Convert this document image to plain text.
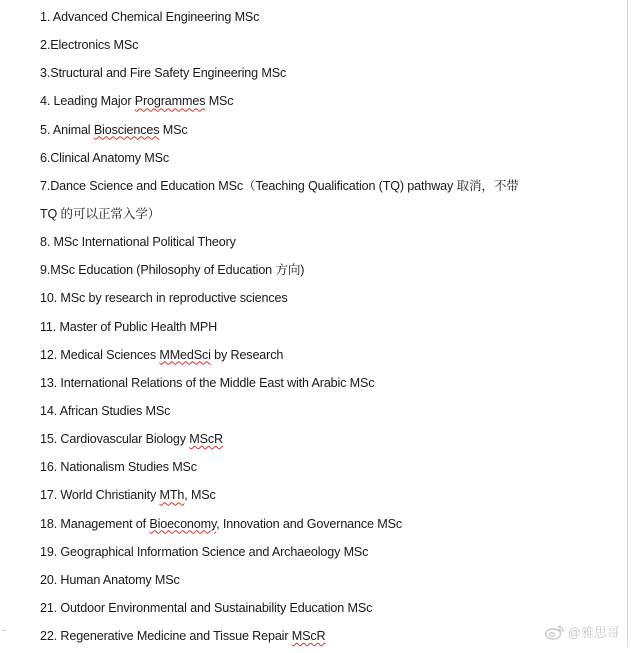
1. Advanced Chemical Engineering MSc
2.Electronics MSc
3.Structural and Fire Safety Engineering MSc
4. Leading Major Programmes MSc
5. Animal Biosciences MSc
6.Clinical Anatomy MSc
7.Dance Science and Education MSc（Teaching Qualification (TQ) pathway 取消，不带
TQ 的可以正常入学）
8. MSc International Political Theory
9.MSc Education (Philosophy of Education 方向)
10. MSc by research in reproductive sciences
11. Master of Public Health MPH
12. Medical Sciences MMedSci by Research
13. International Relations of the Middle East with Arabic MSc
14. African Studies MSc
15. Cardiovascular Biology MScR
16. Nationalism Studies MSc
17. World Christianity MTh, MSc
18. Management of Bioeconomy, Innovation and Governance MSc
19. Geographical Information Science and Archaeology MSc
20. Human Anatomy MSc
21. Outdoor Environmental and Sustainability Education MSc
22. Regenerative Medicine and Tissue Repair MScR	@雅思哥
